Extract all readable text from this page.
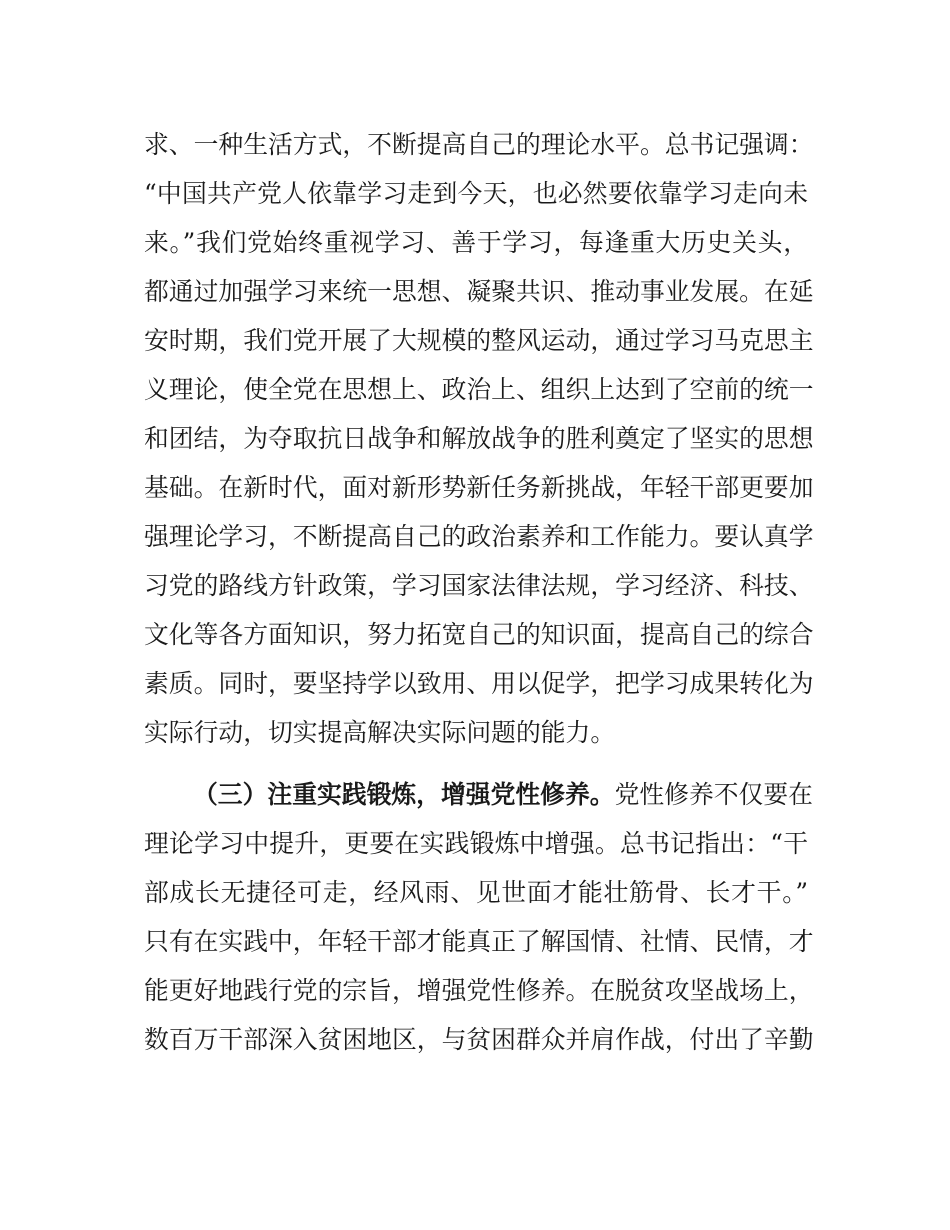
求、一种生活方式，不断提高自己的理论水平。总书记强调：
“中国共产党人依靠学习走到今天，也必然要依靠学习走向未
来。”我们党始终重视学习、善于学习，每逢重大历史关头，
都通过加强学习来统一思想、凝聚共识、推动事业发展。在延
安时期，我们党开展了大规模的整风运动，通过学习马克思主
义理论，使全党在思想上、政治上、组织上达到了空前的统一
和团结，为夺取抗日战争和解放战争的胜利奠定了坚实的思想
基础。在新时代，面对新形势新任务新挑战，年轻干部更要加
强理论学习，不断提高自己的政治素养和工作能力。要认真学
习党的路线方针政策，学习国家法律法规，学习经济、科技、
文化等各方面知识，努力拓宽自己的知识面，提高自己的综合
素质。同时，要坚持学以致用、用以促学，把学习成果转化为
实际行动，切实提高解决实际问题的能力。
（三）注重实践锻炼，增强党性修养。党性修养不仅要在
理论学习中提升，更要在实践锻炼中增强。总书记指出：“干
部成长无捷径可走，经风雨、见世面才能壮筋骨、长才干。”
只有在实践中，年轻干部才能真正了解国情、社情、民情，才
能更好地践行党的宗旨，增强党性修养。在脱贫攻坚战场上，
数百万干部深入贫困地区，与贫困群众并肩作战，付出了辛勤
